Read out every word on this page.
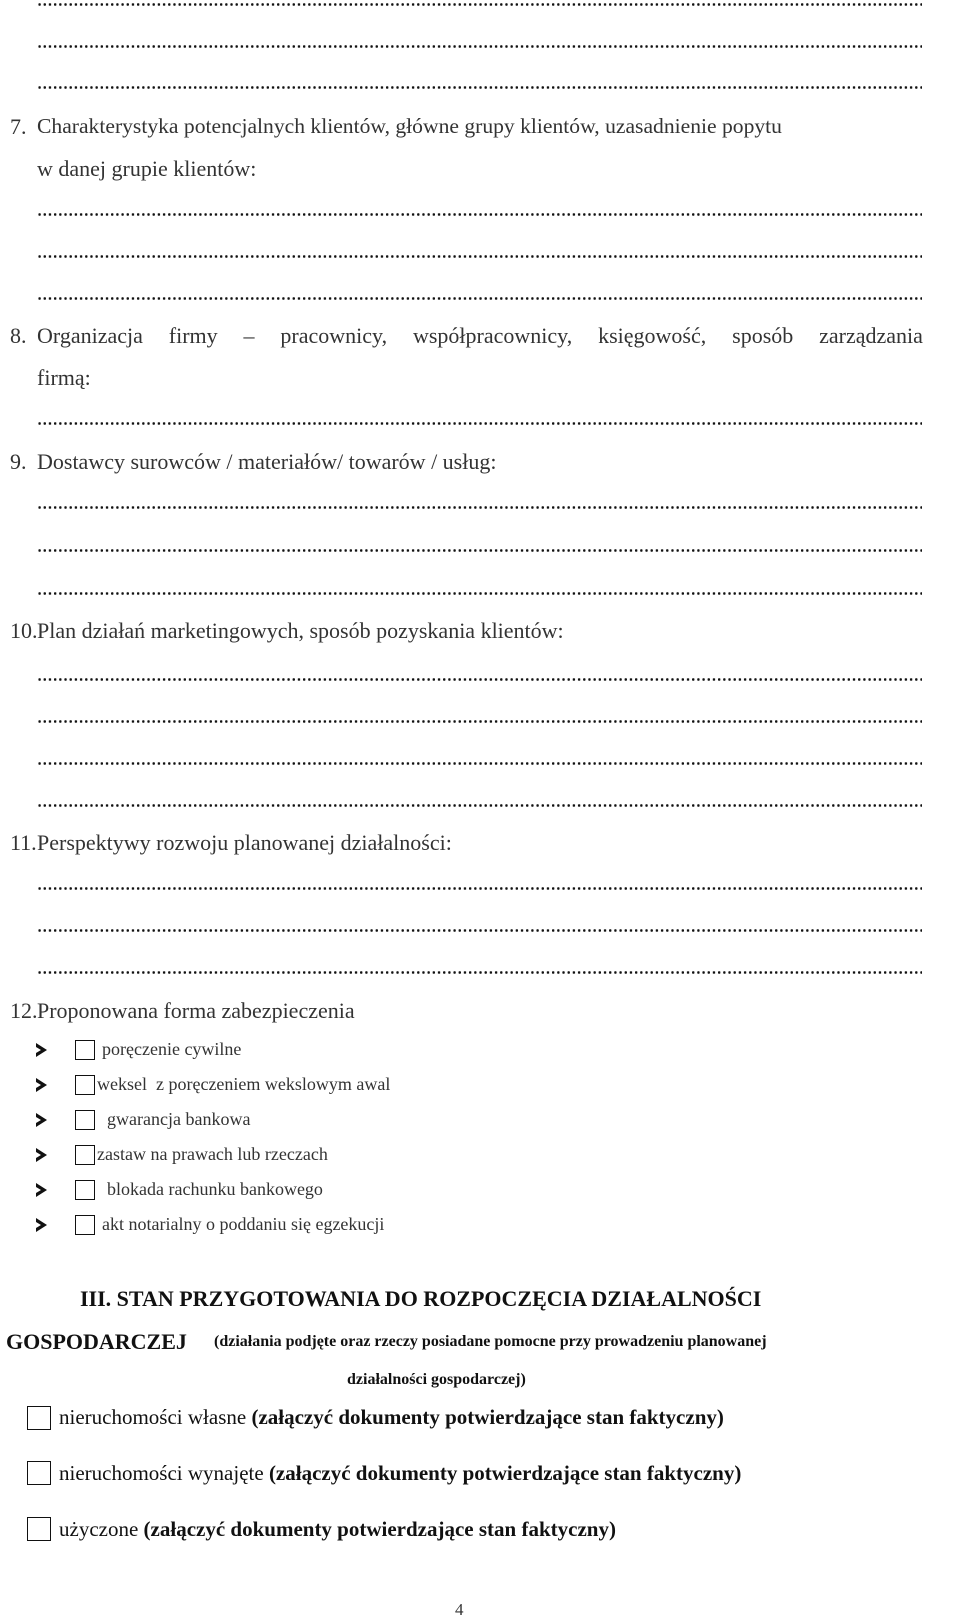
7. Charakterystyka potencjalnych klientów, główne grupy klientów, uzasadnienie popytu
w danej grupie klientów:
8. Organizacja firmy – pracownicy, współpracownicy, księgowość, sposób zarządzania
firmą:
9. Dostawcy surowców / materiałów/ towarów / usług:
10. Plan działań marketingowych, sposób pozyskania klientów:
11. Perspektywy rozwoju planowanej działalności:
12. Proponowana forma zabezpieczenia
poręczenie cywilne
weksel  z poręczeniem wekslowym awal
gwarancja bankowa
zastaw na prawach lub rzeczach
blokada rachunku bankowego
akt notarialny o poddaniu się egzekucji
III. STAN PRZYGOTOWANIA DO ROZPOCZĘCIA DZIAŁALNOŚCI
GOSPODARCZEJ (działania podjęte oraz rzeczy posiadane pomocne przy prowadzeniu planowanej
działalności gospodarczej)
nieruchomości własne (załączyć dokumenty potwierdzające stan faktyczny)
nieruchomości wynajęte (załączyć dokumenty potwierdzające stan faktyczny)
użyczone (załączyć dokumenty potwierdzające stan faktyczny)
4
